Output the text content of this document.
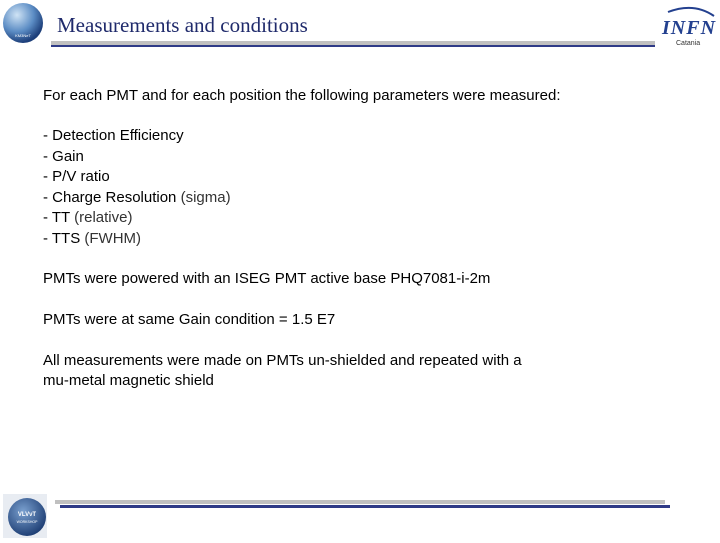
KM3NeT Measurements and conditions	INFN
Catania
For each PMT and for each position the following parameters were measured:
- Detection Efficiency
- Gain
- P/V ratio
- Charge Resolution (sigma)
- TT (relative)
- TTS (FWHM)
PMTs were powered with an ISEG PMT active base PHQ7081-i-2m
PMTs were at same Gain condition = 1.5 E7
All measurements were made on PMTs un-shielded and repeated with a
mu-metal magnetic shield
VLVνT
WORKSHOP
